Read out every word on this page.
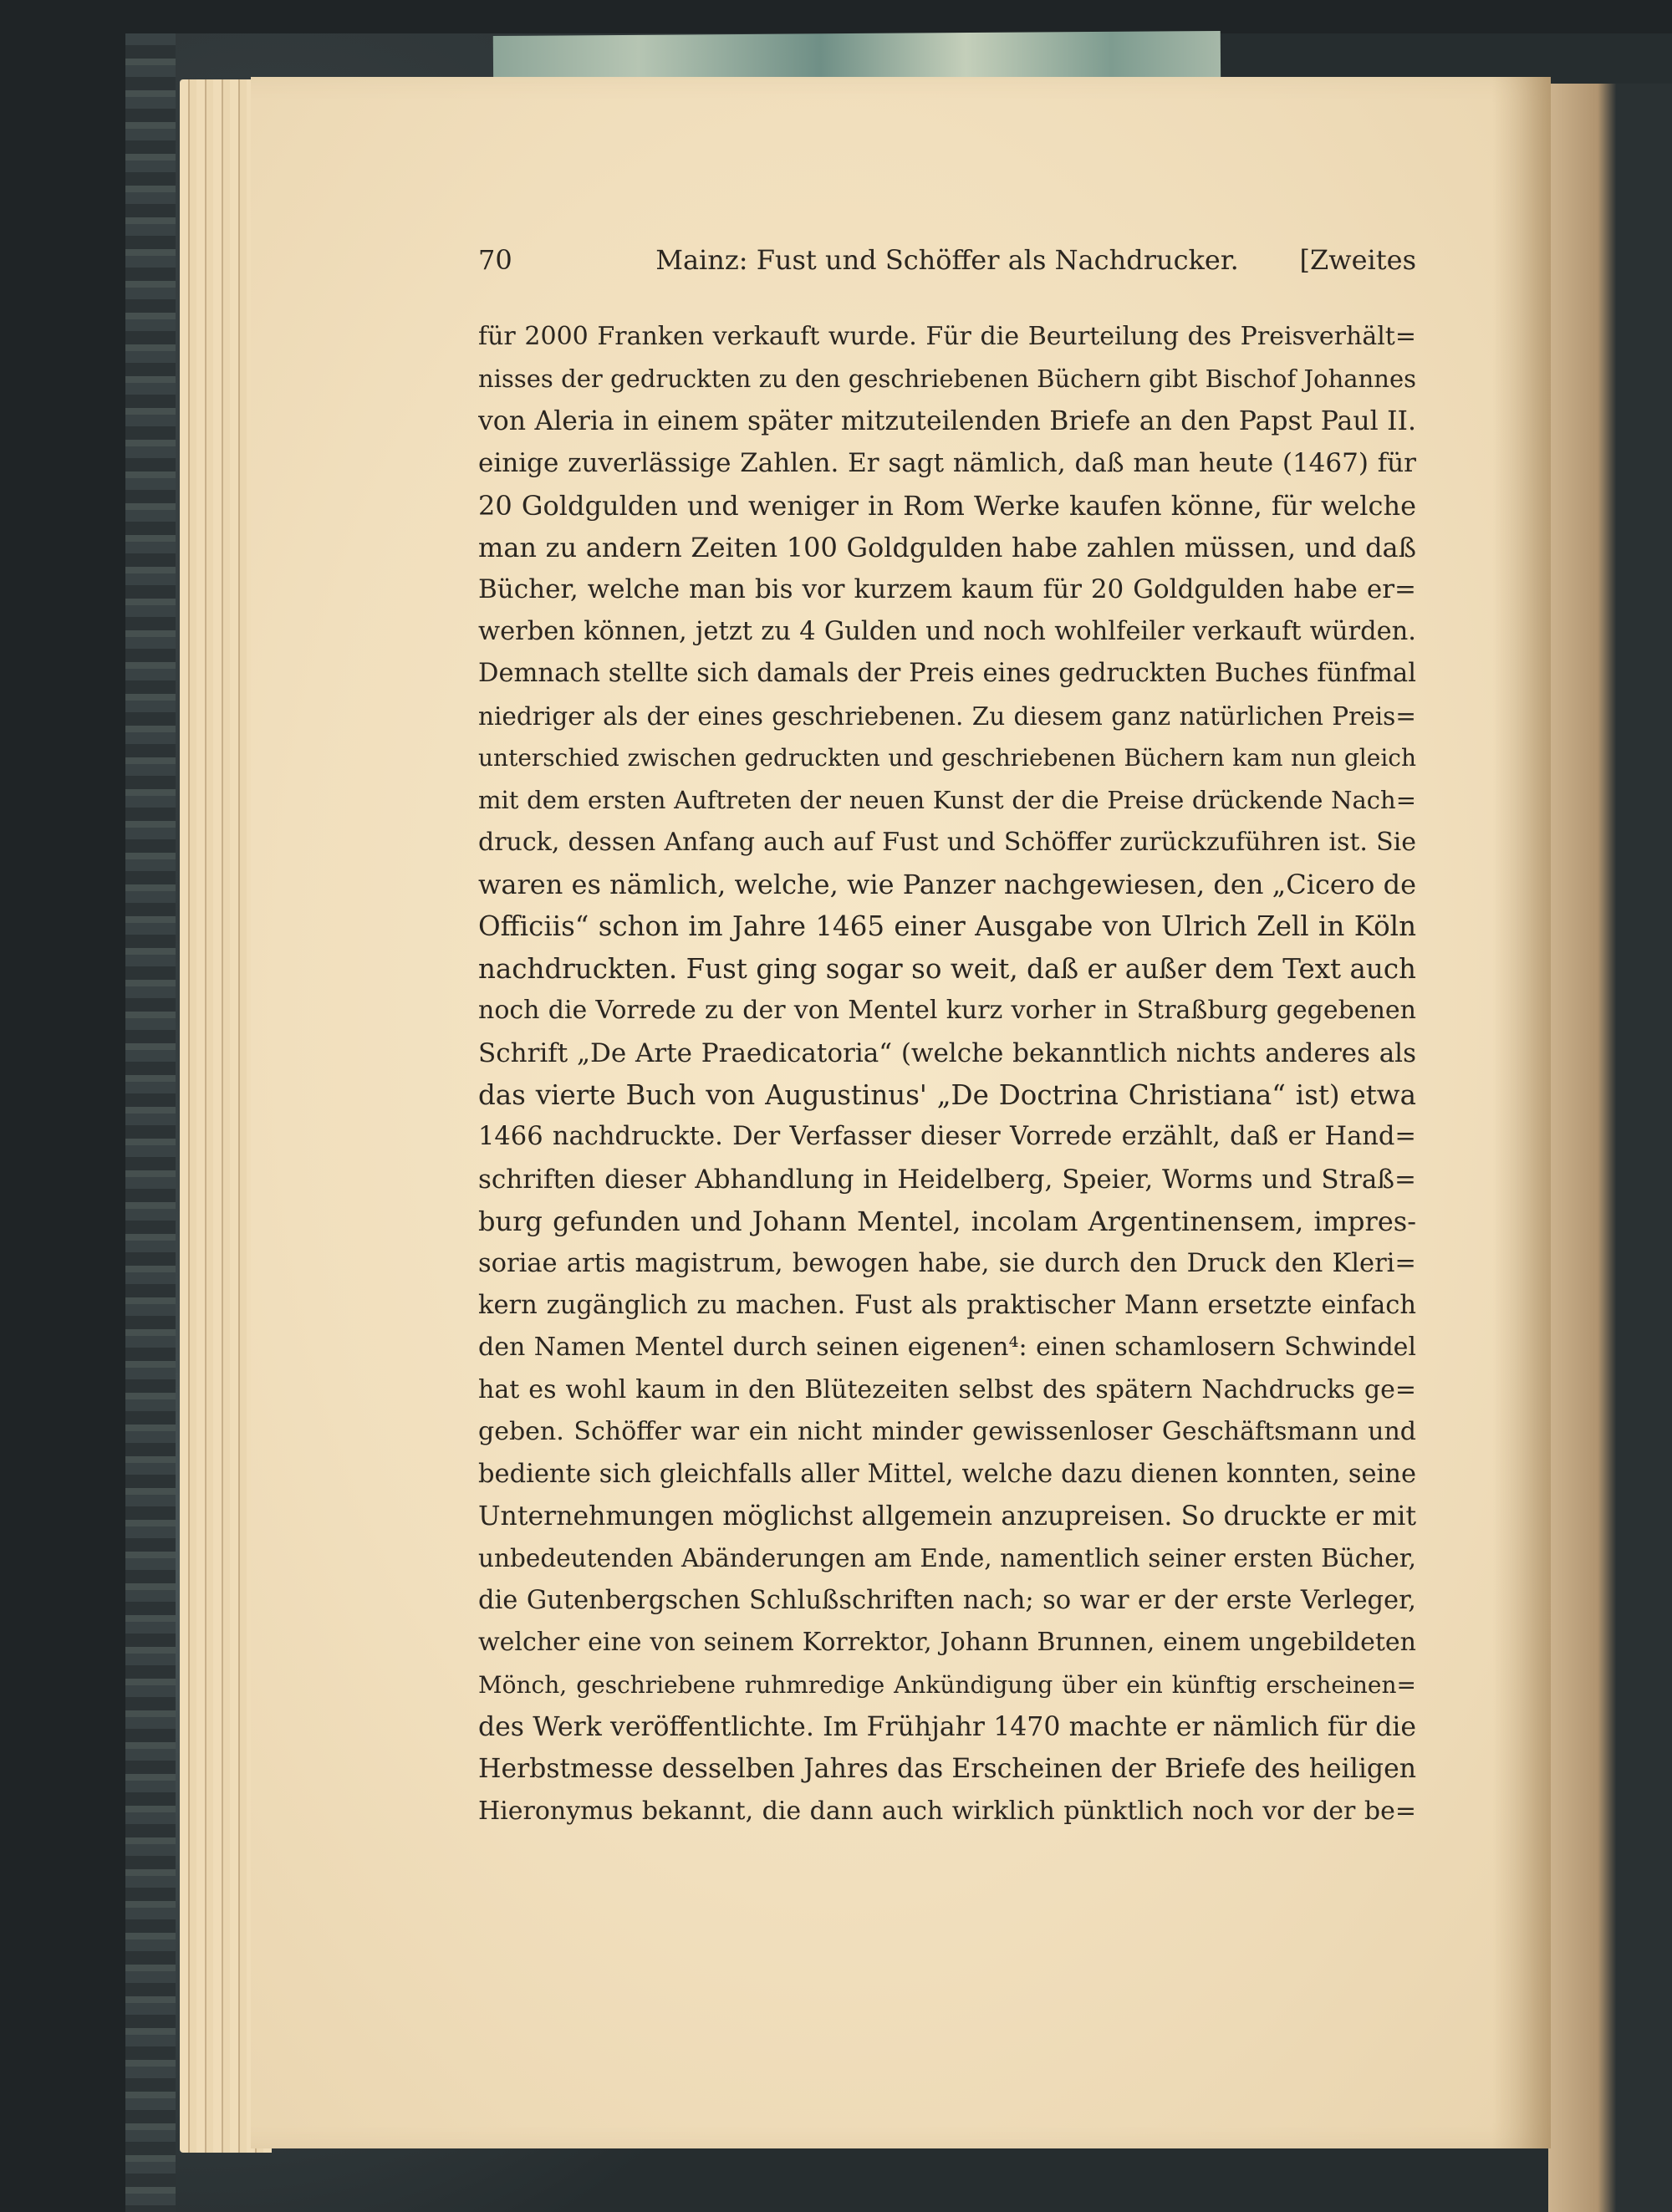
70	Mainz: Fust und Schöffer als Nachdrucker.	[Zweites
für 2000 Franken verkauft wurde. Für die Beurteilung des Preisverhält=
nisses der gedruckten zu den geschriebenen Büchern gibt Bischof Johannes
von Aleria in einem später mitzuteilenden Briefe an den Papst Paul II.
einige zuverlässige Zahlen. Er sagt nämlich, daß man heute (1467) für
20 Goldgulden und weniger in Rom Werke kaufen könne, für welche
man zu andern Zeiten 100 Goldgulden habe zahlen müssen, und daß
Bücher, welche man bis vor kurzem kaum für 20 Goldgulden habe er=
werben können, jetzt zu 4 Gulden und noch wohlfeiler verkauft würden.
Demnach stellte sich damals der Preis eines gedruckten Buches fünfmal
niedriger als der eines geschriebenen. Zu diesem ganz natürlichen Preis=
unterschied zwischen gedruckten und geschriebenen Büchern kam nun gleich
mit dem ersten Auftreten der neuen Kunst der die Preise drückende Nach=
druck, dessen Anfang auch auf Fust und Schöffer zurückzuführen ist. Sie
waren es nämlich, welche, wie Panzer nachgewiesen, den „Cicero de
Officiis“ schon im Jahre 1465 einer Ausgabe von Ulrich Zell in Köln
nachdruckten. Fust ging sogar so weit, daß er außer dem Text auch
noch die Vorrede zu der von Mentel kurz vorher in Straßburg gegebenen
Schrift „De Arte Praedicatoria“ (welche bekanntlich nichts anderes als
das vierte Buch von Augustinus' „De Doctrina Christiana“ ist) etwa
1466 nachdruckte. Der Verfasser dieser Vorrede erzählt, daß er Hand=
schriften dieser Abhandlung in Heidelberg, Speier, Worms und Straß=
burg gefunden und Johann Mentel, incolam Argentinensem, impres-
soriae artis magistrum, bewogen habe, sie durch den Druck den Kleri=
kern zugänglich zu machen. Fust als praktischer Mann ersetzte einfach
den Namen Mentel durch seinen eigenen⁴: einen schamlosern Schwindel
hat es wohl kaum in den Blütezeiten selbst des spätern Nachdrucks ge=
geben. Schöffer war ein nicht minder gewissenloser Geschäftsmann und
bediente sich gleichfalls aller Mittel, welche dazu dienen konnten, seine
Unternehmungen möglichst allgemein anzupreisen. So druckte er mit
unbedeutenden Abänderungen am Ende, namentlich seiner ersten Bücher,
die Gutenbergschen Schlußschriften nach; so war er der erste Verleger,
welcher eine von seinem Korrektor, Johann Brunnen, einem ungebildeten
Mönch, geschriebene ruhmredige Ankündigung über ein künftig erscheinen=
des Werk veröffentlichte. Im Frühjahr 1470 machte er nämlich für die
Herbstmesse desselben Jahres das Erscheinen der Briefe des heiligen
Hieronymus bekannt, die dann auch wirklich pünktlich noch vor der be=
